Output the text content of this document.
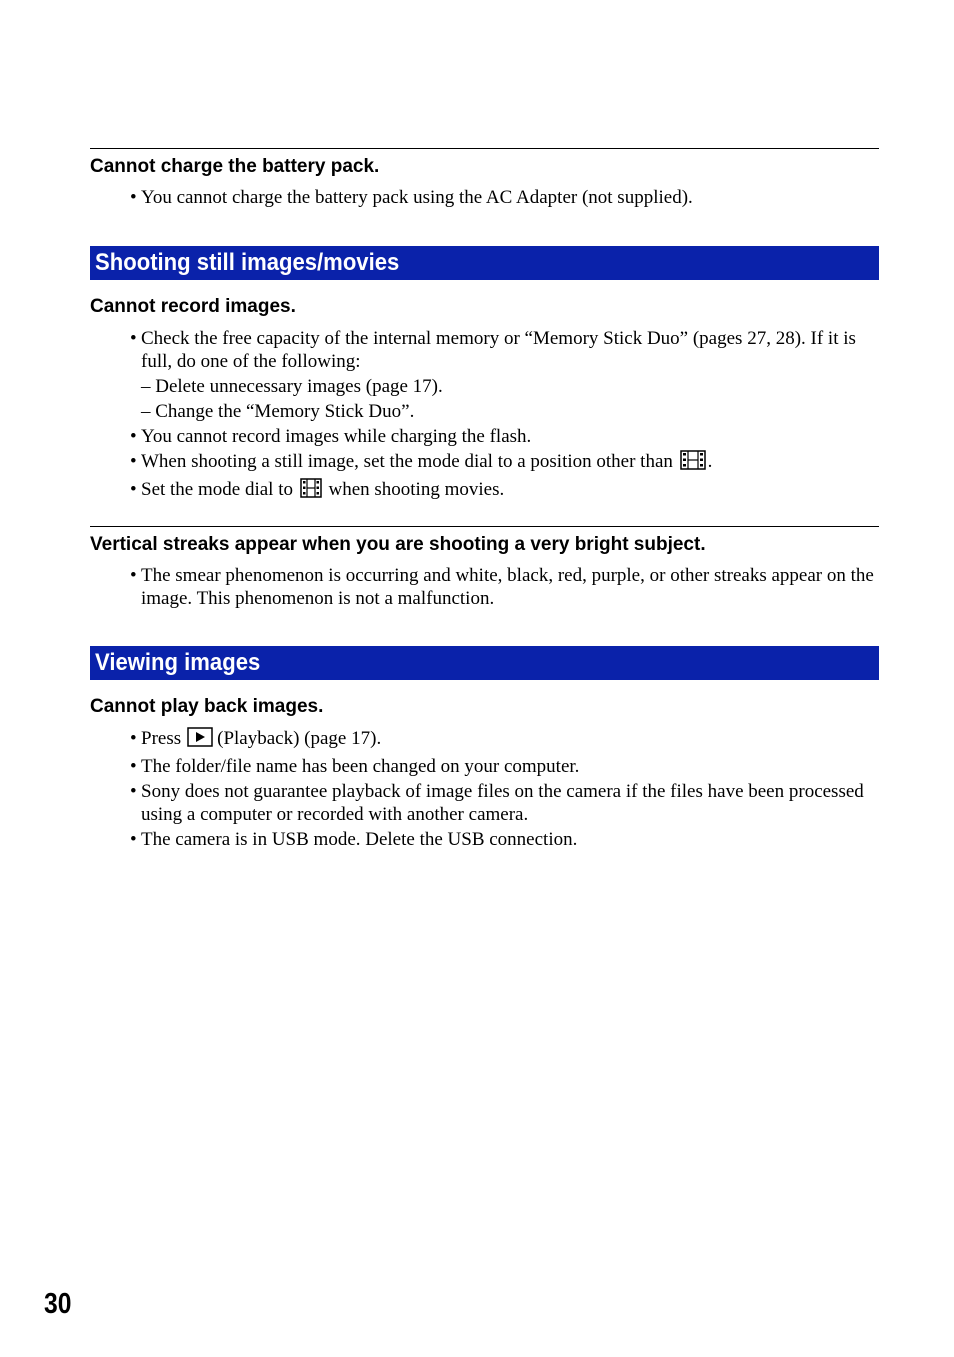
Cannot charge the battery pack.

• You cannot charge the battery pack using the AC Adapter (not supplied).

Shooting still images/movies
Cannot record images.

• Check the free capacity of the internal memory or “Memory Stick Duo” (pages 27, 28). If it is full, do one of the following:

– Delete unnecessary images (page 17).

– Change the “Memory Stick Duo”.

• You cannot record images while charging the flash.

• When shooting a still image, set the mode dial to a position other than .

• Set the mode dial to when shooting movies.

Vertical streaks appear when you are shooting a very bright subject.

• The smear phenomenon is occurring and white, black, red, purple, or other streaks appear on the image. This phenomenon is not a malfunction.

Viewing images
Cannot play back images.

• Press (Playback) (page 17).

• The folder/file name has been changed on your computer.

• Sony does not guarantee playback of image files on the camera if the files have been processed using a computer or recorded with another camera.

• The camera is in USB mode. Delete the USB connection.

30
